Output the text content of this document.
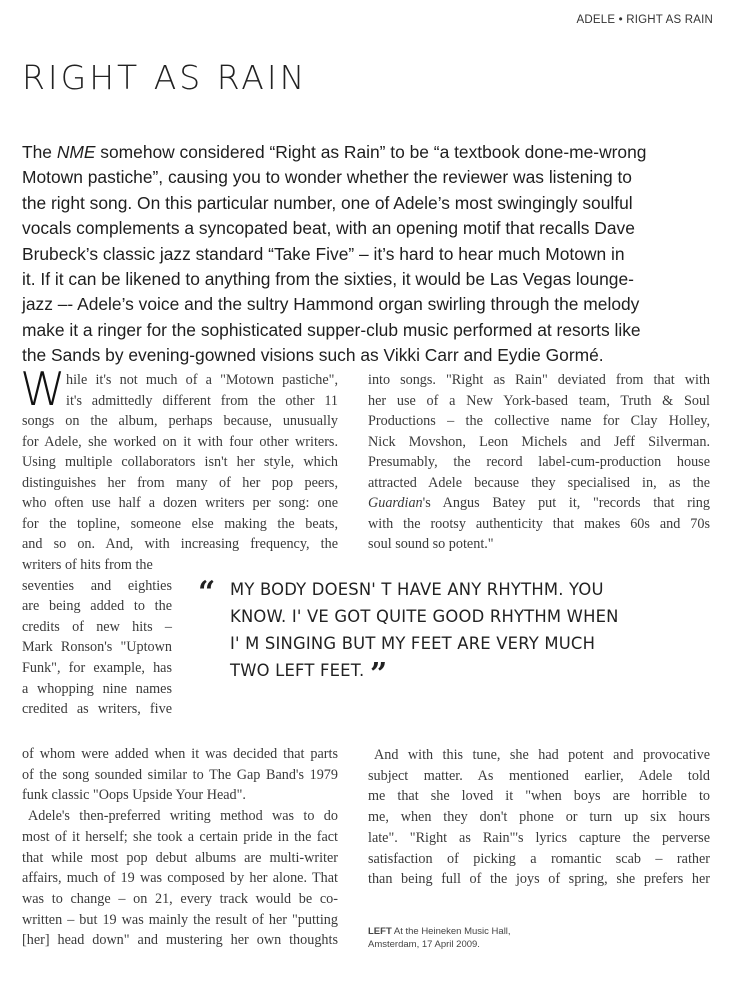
ADELE • RIGHT AS RAIN
RIGHT AS RAIN
The NME somehow considered “Right as Rain” to be “a textbook done-me-wrong
Motown pastiche”, causing you to wonder whether the reviewer was listening to
the right song. On this particular number, one of Adele’s most swingingly soulful
vocals complements a syncopated beat, with an opening motif that recalls Dave
Brubeck’s classic jazz standard “Take Five” – it’s hard to hear much Motown in
it. If it can be likened to anything from the sixties, it would be Las Vegas lounge-
jazz –- Adele’s voice and the sultry Hammond organ swirling through the melody
make it a ringer for the sophisticated supper-club music performed at resorts like
the Sands by evening-gowned visions such as Vikki Carr and Eydie Gormé.
W hile it's not much of a "Motown pastiche",
it's admittedly different from the other 11
songs on the album, perhaps because, unusually
for Adele, she worked on it with four other writers.
Using multiple collaborators isn't her style, which
distinguishes her from many of her pop peers,
who often use half a dozen writers per song: one
for the topline, someone else making the beats,
and so on. And, with increasing frequency, the
writers of hits from the
seventies and eighties
are being added to the
credits of new hits –
Mark Ronson's "Uptown
Funk", for example, has
a whopping nine names
credited as writers, five
of whom were added when it was decided that parts
of the song sounded similar to The Gap Band's 1979
funk classic "Oops Upside Your Head".
Adele's then-preferred writing method was to do
most of it herself; she took a certain pride in the fact
that while most pop debut albums are multi-writer
affairs, much of 19 was composed by her alone. That
was to change – on 21, every track would be co-
written – but 19 was mainly the result of her "putting
[her] head down" and mustering her own thoughts
into songs. "Right as Rain" deviated from that with
her use of a New York-based team, Truth & Soul
Productions – the collective name for Clay Holley,
Nick Movshon, Leon Michels and Jeff Silverman.
Presumably, the record label-cum-production house
attracted Adele because they specialised in, as the
Guardian's Angus Batey put it, "records that ring
with the rootsy authenticity that makes 60s and 70s
soul sound so potent."
And with this tune, she had potent and provocative
subject matter. As mentioned earlier, Adele told
me that she loved it "when boys are horrible to
me, when they don't phone or turn up six hours
late". "Right as Rain"'s lyrics capture the perverse
satisfaction of picking a romantic scab – rather
than being full of the joys of spring, she prefers her
“ MY BODY DOESN' T HAVE ANY RHYTHM. YOU
KNOW. I' VE GOT QUITE GOOD RHYTHM WHEN
I' M SINGING BUT MY FEET ARE VERY MUCH
TWO LEFT FEET. ”
LEFT At the Heineken Music Hall,
Amsterdam, 17 April 2009.
